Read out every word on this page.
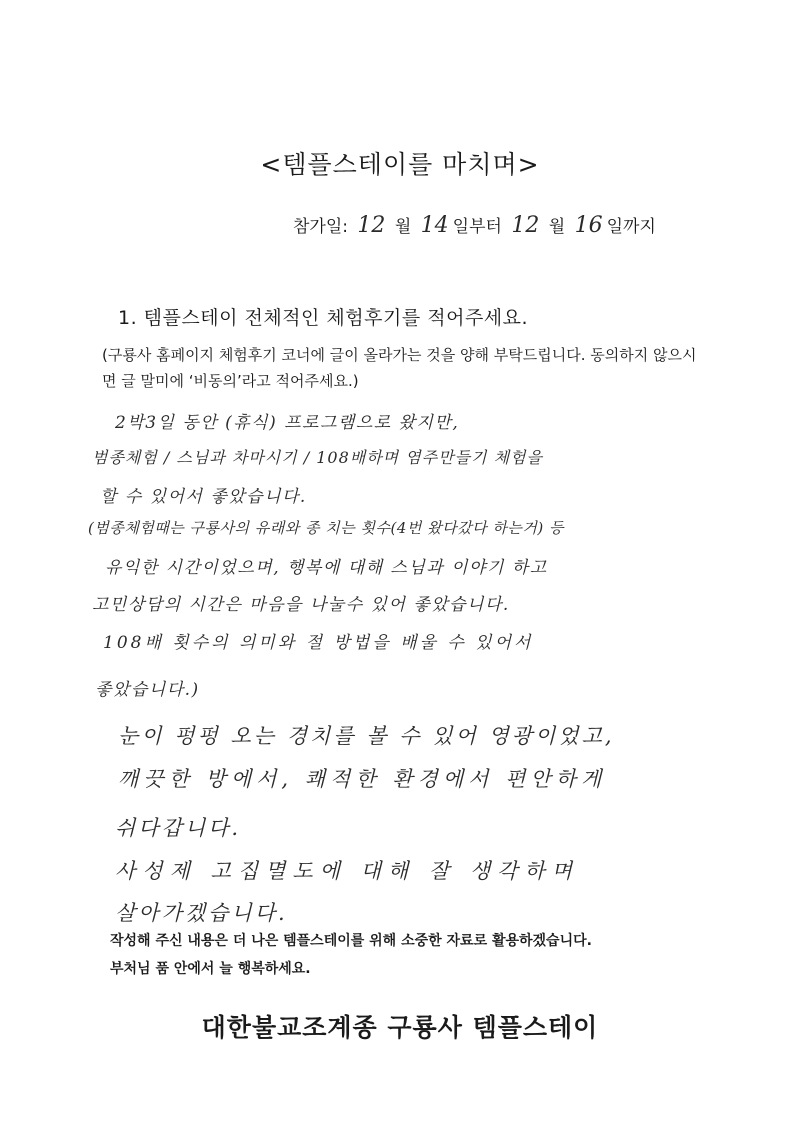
<템플스테이를 마치며>
참가일: 12 월 14 일부터 12 월 16 일까지
1. 템플스테이 전체적인 체험후기를 적어주세요.
(구룡사 홈페이지 체험후기 코너에 글이 올라가는 것을 양해 부탁드립니다. 동의하지 않으시면 글 말미에 ‘비동의’라고 적어주세요.)
2박3일 동안 (휴식) 프로그램으로 왔지만,
범종체험 / 스님과 차마시기 / 108배하며 염주만들기 체험을
할 수 있어서 좋았습니다.
(범종체험때는 구룡사의 유래와 종 치는 횟수(4번 왔다갔다 하는거) 등
유익한 시간이었으며, 행복에 대해 스님과 이야기 하고
고민상담의 시간은 마음을 나눌수 있어 좋았습니다.
108배 횟수의 의미와 절 방법을 배울 수 있어서
좋았습니다.)
눈이 펑펑 오는 경치를 볼 수 있어 영광이었고,
깨끗한 방에서, 쾌적한 환경에서 편안하게
쉬다갑니다.
사성제 고집멸도에 대해 잘 생각하며
살아가겠습니다.
작성해 주신 내용은 더 나은 템플스테이를 위해 소중한 자료로 활용하겠습니다.
부처님 품 안에서 늘 행복하세요.
대한불교조계종 구룡사 템플스테이
